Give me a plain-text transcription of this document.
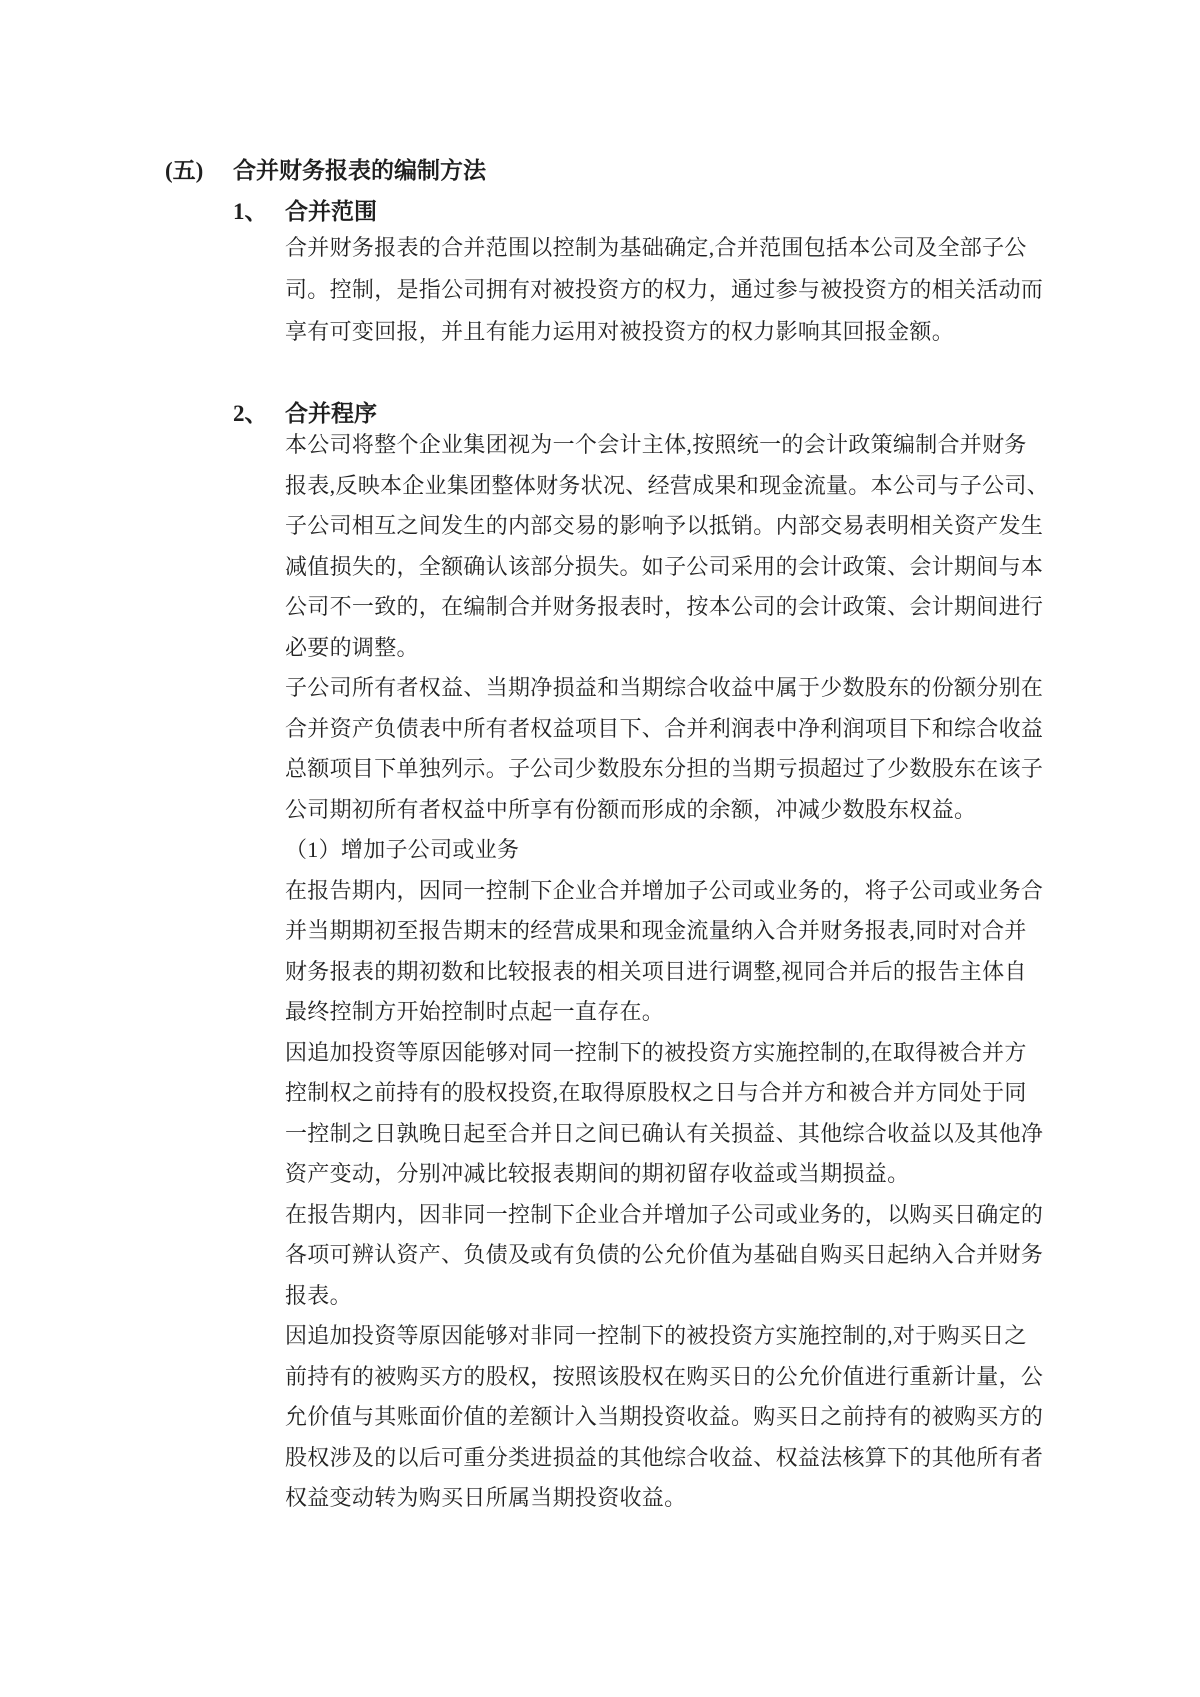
(五)	合并财务报表的编制方法
1、 合并范围
合并财务报表的合并范围以控制为基础确定,合并范围包括本公司及全部子公
司。控制，是指公司拥有对被投资方的权力，通过参与被投资方的相关活动而
享有可变回报，并且有能力运用对被投资方的权力影响其回报金额。
2、 合并程序
本公司将整个企业集团视为一个会计主体,按照统一的会计政策编制合并财务
报表,反映本企业集团整体财务状况、经营成果和现金流量。本公司与子公司、
子公司相互之间发生的内部交易的影响予以抵销。内部交易表明相关资产发生
减值损失的，全额确认该部分损失。如子公司采用的会计政策、会计期间与本
公司不一致的，在编制合并财务报表时，按本公司的会计政策、会计期间进行
必要的调整。
子公司所有者权益、当期净损益和当期综合收益中属于少数股东的份额分别在
合并资产负债表中所有者权益项目下、合并利润表中净利润项目下和综合收益
总额项目下单独列示。子公司少数股东分担的当期亏损超过了少数股东在该子
公司期初所有者权益中所享有份额而形成的余额，冲减少数股东权益。
（1）增加子公司或业务
在报告期内，因同一控制下企业合并增加子公司或业务的，将子公司或业务合
并当期期初至报告期末的经营成果和现金流量纳入合并财务报表,同时对合并
财务报表的期初数和比较报表的相关项目进行调整,视同合并后的报告主体自
最终控制方开始控制时点起一直存在。
因追加投资等原因能够对同一控制下的被投资方实施控制的,在取得被合并方
控制权之前持有的股权投资,在取得原股权之日与合并方和被合并方同处于同
一控制之日孰晚日起至合并日之间已确认有关损益、其他综合收益以及其他净
资产变动，分别冲减比较报表期间的期初留存收益或当期损益。
在报告期内，因非同一控制下企业合并增加子公司或业务的，以购买日确定的
各项可辨认资产、负债及或有负债的公允价值为基础自购买日起纳入合并财务
报表。
因追加投资等原因能够对非同一控制下的被投资方实施控制的,对于购买日之
前持有的被购买方的股权，按照该股权在购买日的公允价值进行重新计量，公
允价值与其账面价值的差额计入当期投资收益。购买日之前持有的被购买方的
股权涉及的以后可重分类进损益的其他综合收益、权益法核算下的其他所有者
权益变动转为购买日所属当期投资收益。
